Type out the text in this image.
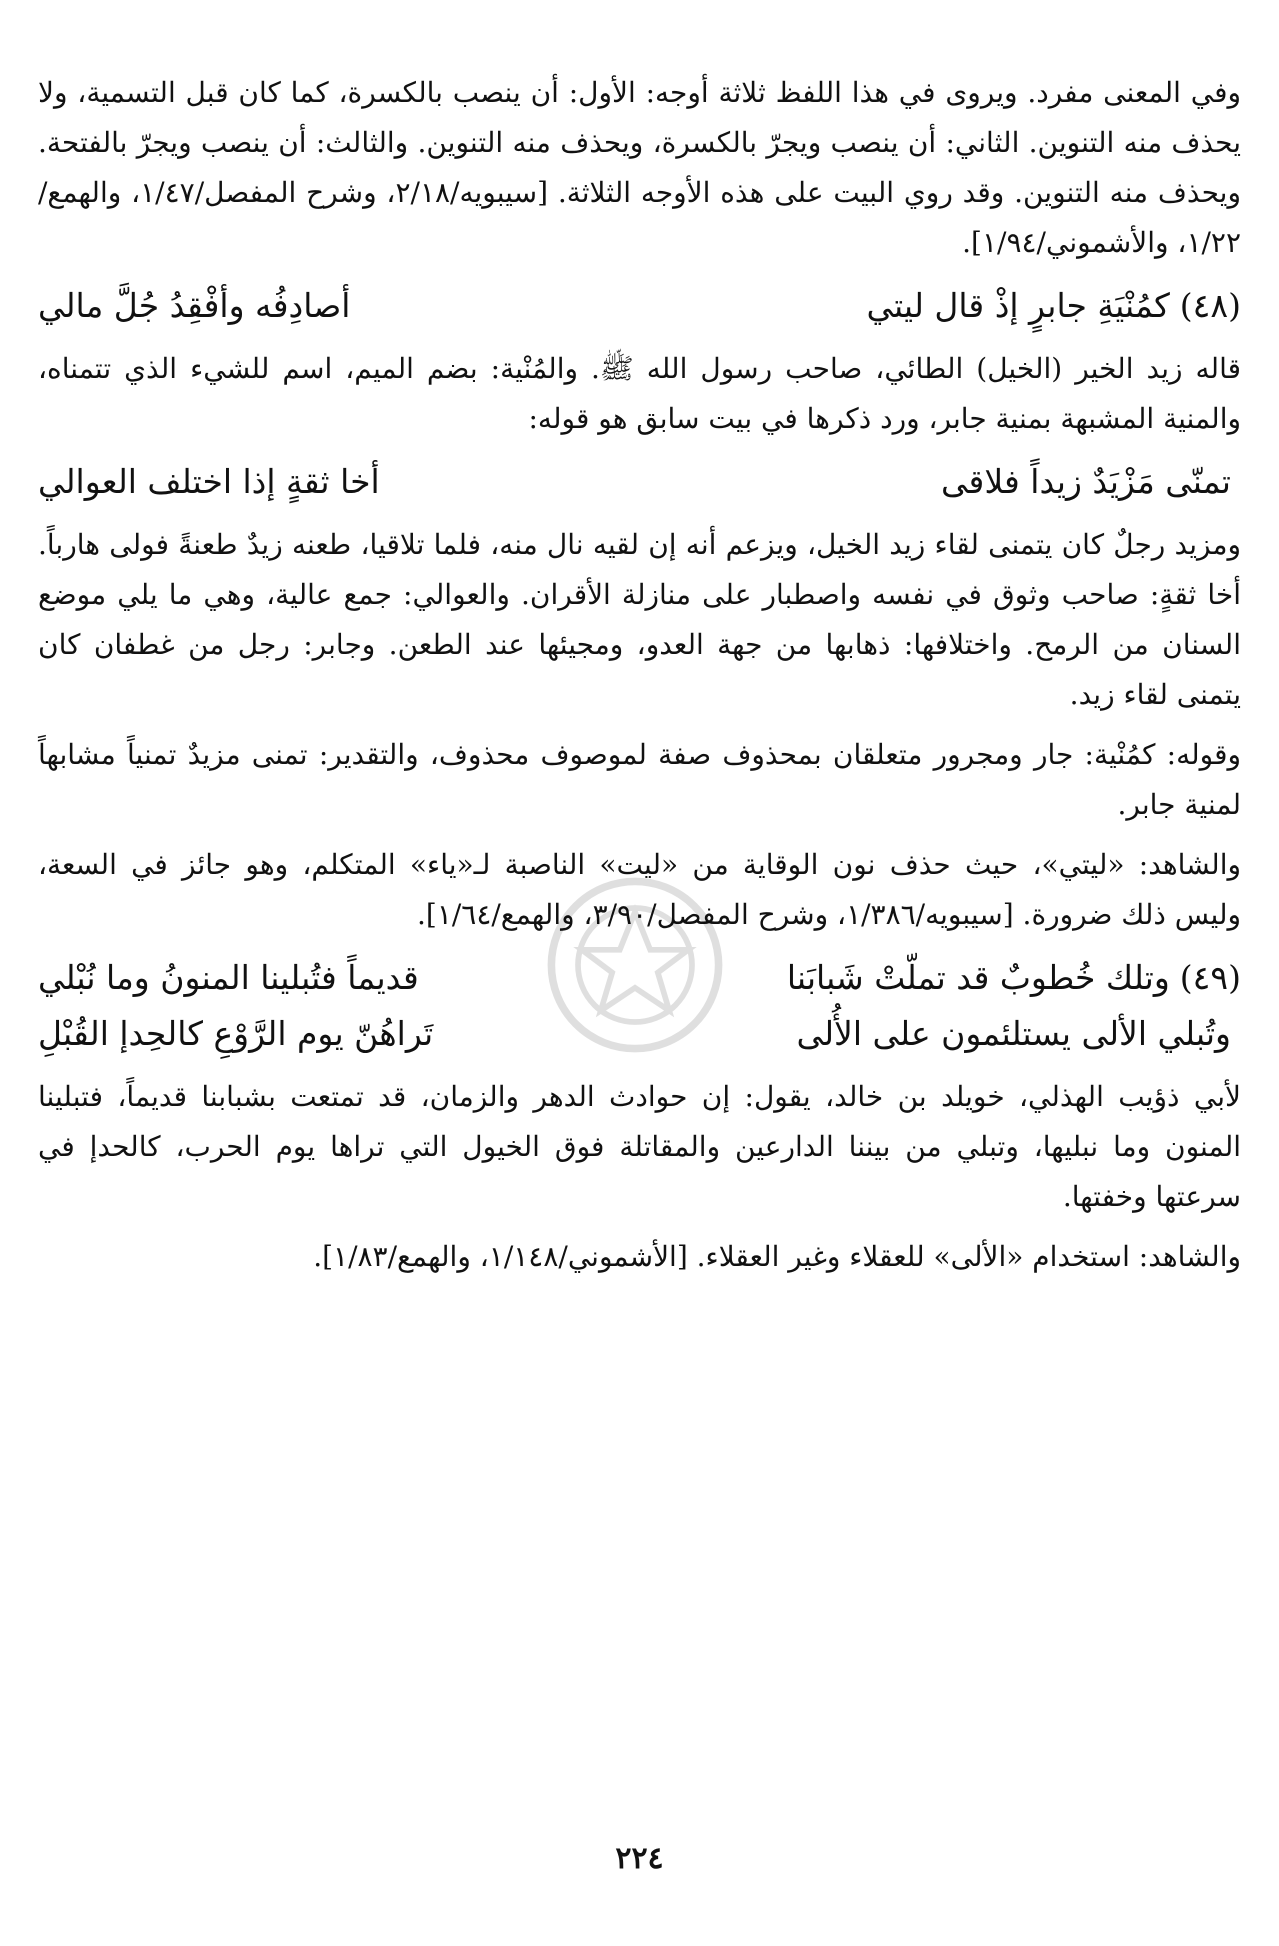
وفي المعنى مفرد. ويروى في هذا اللفظ ثلاثة أوجه: الأول: أن ينصب بالكسرة، كما كان قبل التسمية، ولا يحذف منه التنوين. الثاني: أن ينصب ويجرّ بالكسرة، ويحذف منه التنوين. والثالث: أن ينصب ويجرّ بالفتحة. ويحذف منه التنوين. وقد روي البيت على هذه الأوجه الثلاثة. [سيبويه/٢/١٨، وشرح المفصل/١/٤٧، والهمع/١/٢٢، والأشموني/١/٩٤].

(٤٨)
كمُنْيَةِ جابرٍ إذْ قال ليتي
أصادِفُه وأفْقِدُ جُلَّ مالي

قاله زيد الخير (الخيل) الطائي، صاحب رسول الله ﷺ. والمُنْية: بضم الميم، اسم للشيء الذي تتمناه، والمنية المشبهة بمنية جابر، ورد ذكرها في بيت سابق هو قوله:

تمنّى مَزْيَدٌ زيداً فلاقى
أخا ثقةٍ إذا اختلف العوالي

ومزيد رجلٌ كان يتمنى لقاء زيد الخيل، ويزعم أنه إن لقيه نال منه، فلما تلاقيا، طعنه زيدٌ طعنةً فولى هارباً. أخا ثقةٍ: صاحب وثوق في نفسه واصطبار على منازلة الأقران. والعوالي: جمع عالية، وهي ما يلي موضع السنان من الرمح. واختلافها: ذهابها من جهة العدو، ومجيئها عند الطعن. وجابر: رجل من غطفان كان يتمنى لقاء زيد.

وقوله: كمُنْية: جار ومجرور متعلقان بمحذوف صفة لموصوف محذوف، والتقدير: تمنى مزيدٌ تمنياً مشابهاً لمنية جابر.

والشاهد: «ليتي»، حيث حذف نون الوقاية من «ليت» الناصبة لـ«ياء» المتكلم، وهو جائز في السعة، وليس ذلك ضرورة. [سيبويه/١/٣٨٦، وشرح المفصل/٣/٩٠، والهمع/١/٦٤].

(٤٩)
وتلك خُطوبٌ قد تملّتْ شَبابَنا
قديماً فتُبلينا المنونُ وما نُبْلي
وتُبلي الألى يستلئمون على الأُلى
تَراهُنّ يوم الرَّوْعِ كالحِدإ القُبْلِ

لأبي ذؤيب الهذلي، خويلد بن خالد، يقول: إن حوادث الدهر والزمان، قد تمتعت بشبابنا قديماً، فتبلينا المنون وما نبليها، وتبلي من بيننا الدارعين والمقاتلة فوق الخيول التي تراها يوم الحرب، كالحدإ في سرعتها وخفتها.

والشاهد: استخدام «الألى» للعقلاء وغير العقلاء. [الأشموني/١/١٤٨، والهمع/١/٨٣].

٢٢٤
